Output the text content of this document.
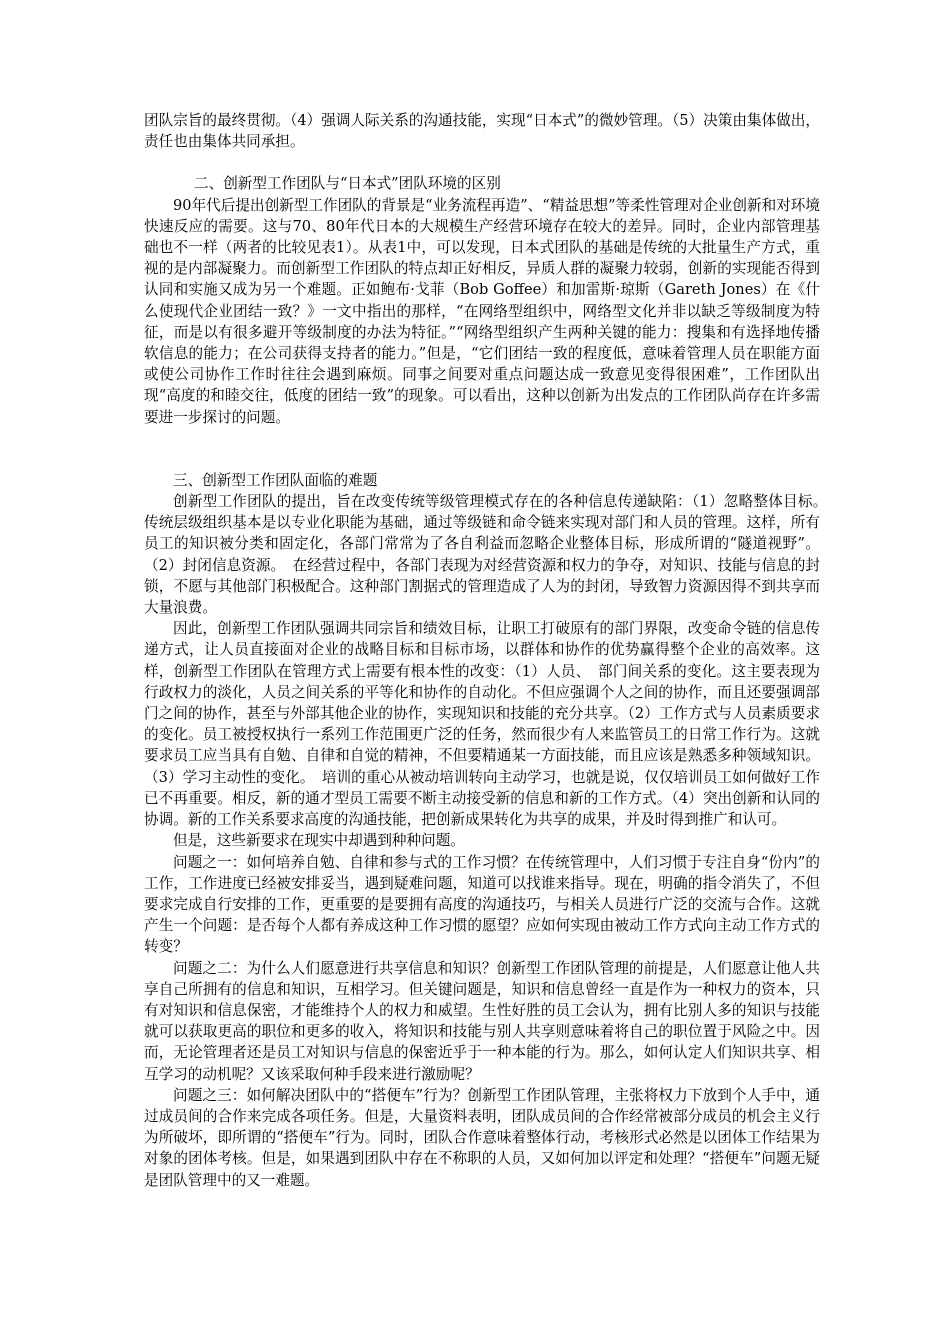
团队宗旨的最终贯彻。（4）强调人际关系的沟通技能，实现“日本式”的微妙管理。（5）决策由集体做出，责任也由集体共同承担。

二、创新型工作团队与“日本式”团队环境的区别

90年代后提出创新型工作团队的背景是“业务流程再造”、“精益思想”等柔性管理对企业创新和对环境快速反应的需要。这与70、80年代日本的大规模生产经营环境存在较大的差异。同时，企业内部管理基础也不一样（两者的比较见表1）。从表1中，可以发现，日本式团队的基础是传统的大批量生产方式，重视的是内部凝聚力。而创新型工作团队的特点却正好相反，异质人群的凝聚力较弱，创新的实现能否得到认同和实施又成为另一个难题。正如鲍布·戈菲（Bob Goffee）和加雷斯·琼斯（Gareth Jones）在《什么使现代企业团结一致？》一文中指出的那样，“在网络型组织中，网络型文化并非以缺乏等级制度为特征，而是以有很多避开等级制度的办法为特征。”“网络型组织产生两种关键的能力：搜集和有选择地传播软信息的能力；在公司获得支持者的能力。”但是，“它们团结一致的程度低，意味着管理人员在职能方面或使公司协作工作时往往会遇到麻烦。同事之间要对重点问题达成一致意见变得很困难”，工作团队出现“高度的和睦交往，低度的团结一致”的现象。可以看出，这种以创新为出发点的工作团队尚存在许多需要进一步探讨的问题。

三、创新型工作团队面临的难题

创新型工作团队的提出，旨在改变传统等级管理模式存在的各种信息传递缺陷：（1）忽略整体目标。　传统层级组织基本是以专业化职能为基础，通过等级链和命令链来实现对部门和人员的管理。这样，所有员工的知识被分类和固定化，各部门常常为了各自利益而忽略企业整体目标，形成所谓的“隧道视野”。（2）封闭信息资源。　在经营过程中，各部门表现为对经营资源和权力的争夺，对知识、技能与信息的封锁，不愿与其他部门积极配合。这种部门割据式的管理造成了人为的封闭，导致智力资源因得不到共享而大量浪费。

因此，创新型工作团队强调共同宗旨和绩效目标，让职工打破原有的部门界限，改变命令链的信息传递方式，让人员直接面对企业的战略目标和目标市场，以群体和协作的优势赢得整个企业的高效率。这样，创新型工作团队在管理方式上需要有根本性的改变：（1）人员、　部门间关系的变化。这主要表现为行政权力的淡化，人员之间关系的平等化和协作的自动化。不但应强调个人之间的协作，而且还要强调部门之间的协作，甚至与外部其他企业的协作，实现知识和技能的充分共享。（2）工作方式与人员素质要求的变化。员工被授权执行一系列工作范围更广泛的任务，然而很少有人来监管员工的日常工作行为。这就要求员工应当具有自勉、自律和自觉的精神，不但要精通某一方面技能，而且应该是熟悉多种领域知识。（3）学习主动性的变化。　培训的重心从被动培训转向主动学习，也就是说，仅仅培训员工如何做好工作已不再重要。相反，新的通才型员工需要不断主动接受新的信息和新的工作方式。（4）突出创新和认同的协调。新的工作关系要求高度的沟通技能，把创新成果转化为共享的成果，并及时得到推广和认可。

但是，这些新要求在现实中却遇到种种问题。

问题之一：如何培养自勉、自律和参与式的工作习惯？在传统管理中，人们习惯于专注自身“份内”的工作，工作进度已经被安排妥当，遇到疑难问题，知道可以找谁来指导。现在，明确的指令消失了，不但要求完成自行安排的工作，更重要的是要拥有高度的沟通技巧，与相关人员进行广泛的交流与合作。这就产生一个问题：是否每个人都有养成这种工作习惯的愿望？应如何实现由被动工作方式向主动工作方式的转变？

问题之二：为什么人们愿意进行共享信息和知识？创新型工作团队管理的前提是，人们愿意让他人共享自己所拥有的信息和知识，互相学习。但关键问题是，知识和信息曾经一直是作为一种权力的资本，只有对知识和信息保密，才能维持个人的权力和威望。生性好胜的员工会认为，拥有比别人多的知识与技能就可以获取更高的职位和更多的收入，将知识和技能与别人共享则意味着将自己的职位置于风险之中。因而，无论管理者还是员工对知识与信息的保密近乎于一种本能的行为。那么，如何认定人们知识共享、相互学习的动机呢？又该采取何种手段来进行激励呢？

问题之三：如何解决团队中的“搭便车”行为？创新型工作团队管理，主张将权力下放到个人手中，通过成员间的合作来完成各项任务。但是，大量资料表明，团队成员间的合作经常被部分成员的机会主义行为所破坏，即所谓的“搭便车”行为。同时，团队合作意味着整体行动，考核形式必然是以团体工作结果为对象的团体考核。但是，如果遇到团队中存在不称职的人员，又如何加以评定和处理？“搭便车”问题无疑是团队管理中的又一难题。
